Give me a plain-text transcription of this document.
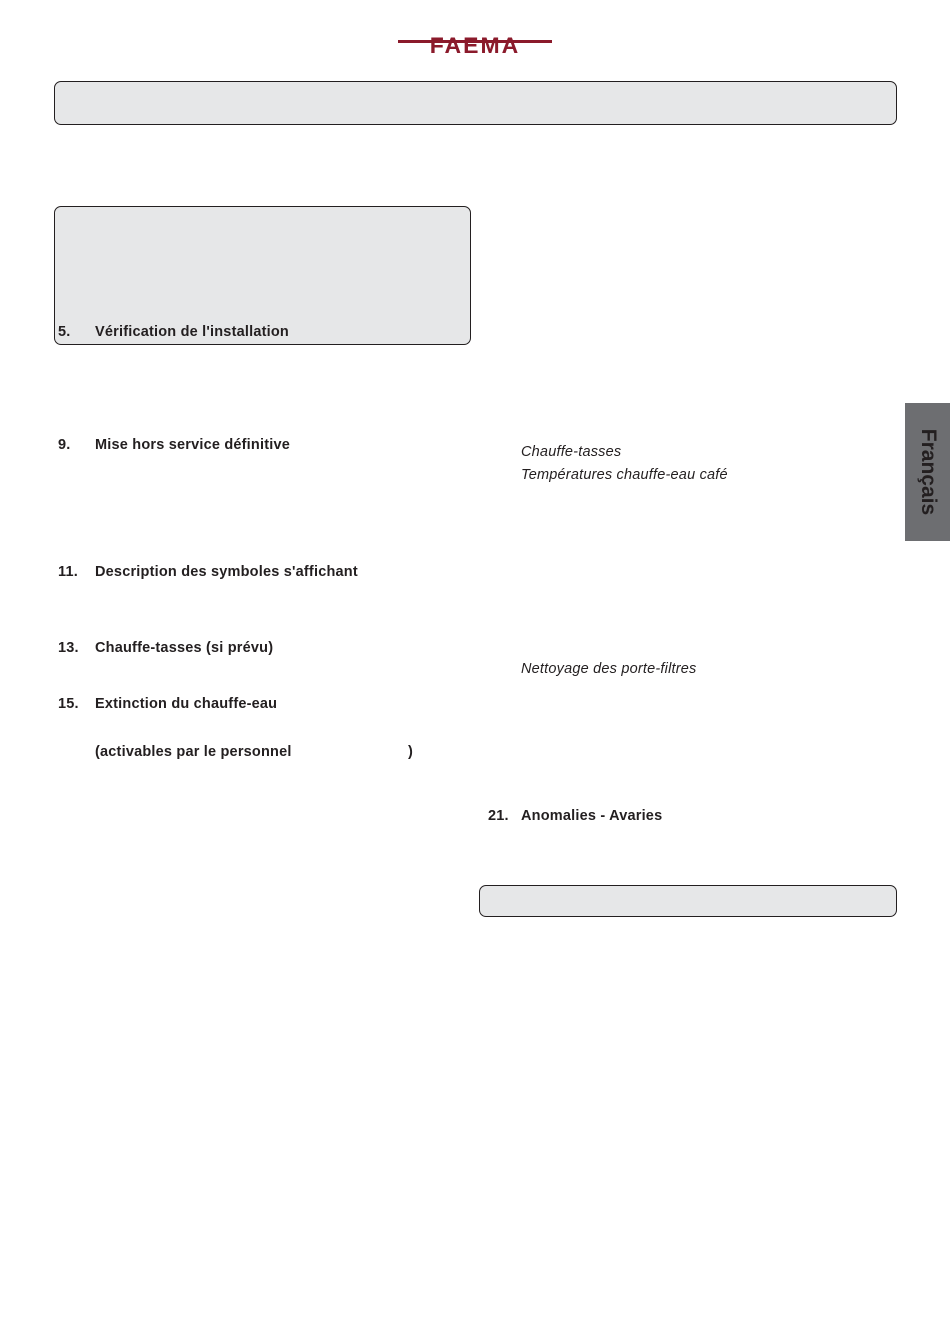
FAEMA
5. Vérification de l'installation
9. Mise hors service définitive
11. Description des symboles s'affichant
13. Chauffe-tasses (si prévu)
15. Extinction du chauffe-eau
(activables par le personnel	)
Chauffe-tasses
Températures chauffe-eau café
Nettoyage des porte-filtres
21. Anomalies - Avaries
Français
